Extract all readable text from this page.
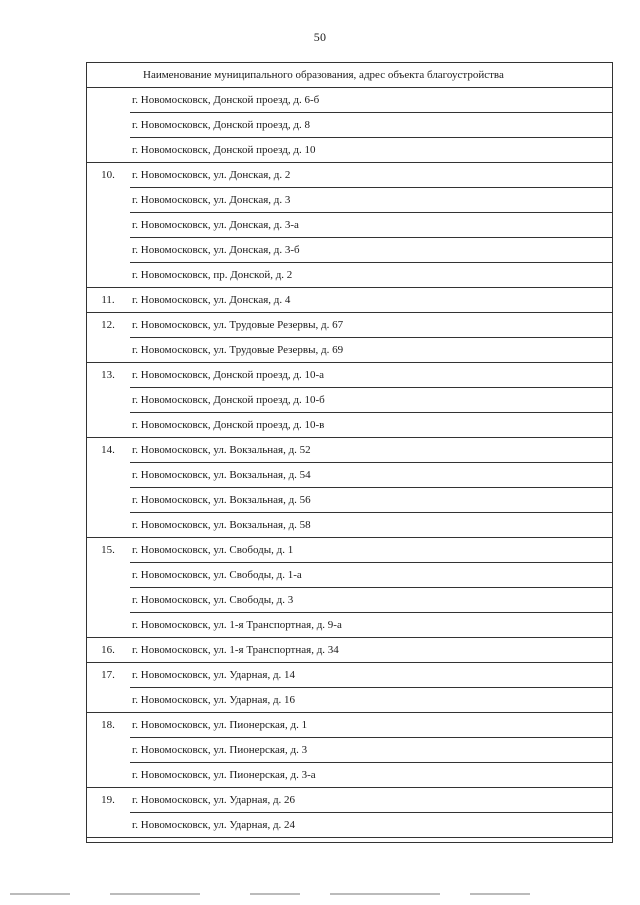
50
Наименование муниципального образования, адрес объекта благоустройства	
	г. Новомосковск, Донской проезд, д. 6-б
	г. Новомосковск, Донской проезд, д. 8
	г. Новомосковск, Донской проезд, д. 10
10.	г. Новомосковск, ул. Донская, д. 2
	г. Новомосковск, ул. Донская, д. 3
	г. Новомосковск, ул. Донская, д. 3-а
	г. Новомосковск, ул. Донская, д. 3-б
	г. Новомосковск, пр. Донской, д. 2
11.	г. Новомосковск, ул. Донская, д. 4
12.	г. Новомосковск, ул. Трудовые Резервы, д. 67
	г. Новомосковск, ул. Трудовые Резервы, д. 69
13.	г. Новомосковск, Донской проезд, д. 10-а
	г. Новомосковск, Донской проезд, д. 10-б
	г. Новомосковск, Донской проезд, д. 10-в
14.	г. Новомосковск, ул. Вокзальная, д. 52
	г. Новомосковск, ул. Вокзальная, д. 54
	г. Новомосковск, ул. Вокзальная, д. 56
	г. Новомосковск, ул. Вокзальная, д. 58
15.	г. Новомосковск, ул. Свободы, д. 1
	г. Новомосковск, ул. Свободы, д. 1-а
	г. Новомосковск, ул. Свободы, д. 3
	г. Новомосковск, ул. 1-я Транспортная, д. 9-а
16.	г. Новомосковск, ул. 1-я Транспортная, д. 34
17.	г. Новомосковск, ул. Ударная, д. 14
	г. Новомосковск, ул. Ударная, д. 16
18.	г. Новомосковск, ул. Пионерская, д. 1
	г. Новомосковск, ул. Пионерская, д. 3
	г. Новомосковск, ул. Пионерская, д. 3-а
19.	г. Новомосковск, ул. Ударная, д. 26
	г. Новомосковск, ул. Ударная, д. 24
